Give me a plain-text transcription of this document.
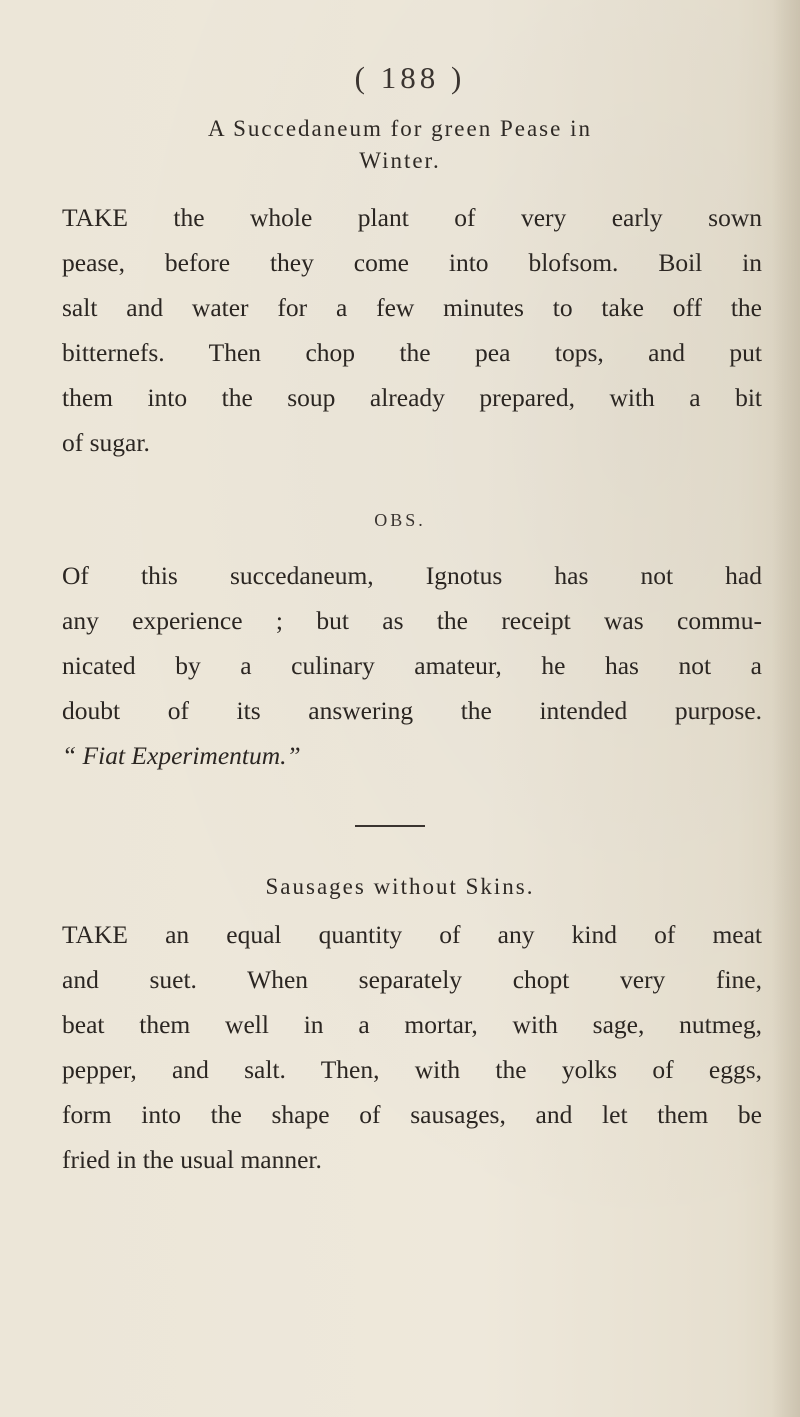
( 188 )
A Succedaneum for green Pease in
Winter.
TAKE the whole plant of very early sown
pease, before they come into blofsom. Boil in
salt and water for a few minutes to take off the
bitternefs. Then chop the pea tops, and put
them into the soup already prepared, with a bit
of sugar.
OBS.
Of this succedaneum, Ignotus has not had
any experience ; but as the receipt was commu-
nicated by a culinary amateur, he has not a
doubt of its answering the intended purpose.
“ Fiat Experimentum.”
Sausages without Skins.
TAKE an equal quantity of any kind of meat
and suet. When separately chopt very fine,
beat them well in a mortar, with sage, nutmeg,
pepper, and salt. Then, with the yolks of eggs,
form into the shape of sausages, and let them be
fried in the usual manner.
